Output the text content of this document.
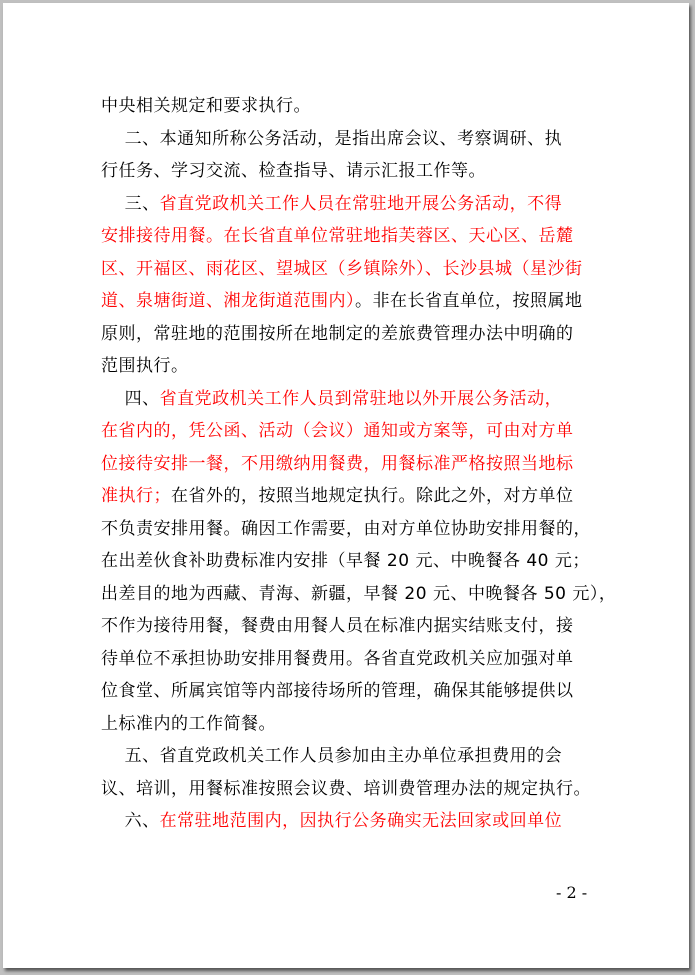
中央相关规定和要求执行。
二、本通知所称公务活动，是指出席会议、考察调研、执
行任务、学习交流、检查指导、请示汇报工作等。
三、省直党政机关工作人员在常驻地开展公务活动，不得
安排接待用餐。在长省直单位常驻地指芙蓉区、天心区、岳麓
区、开福区、雨花区、望城区（乡镇除外）、长沙县城（星沙街
道、泉塘街道、湘龙街道范围内）。非在长省直单位，按照属地
原则，常驻地的范围按所在地制定的差旅费管理办法中明确的
范围执行。
四、省直党政机关工作人员到常驻地以外开展公务活动，
在省内的，凭公函、活动（会议）通知或方案等，可由对方单
位接待安排一餐，不用缴纳用餐费，用餐标准严格按照当地标
准执行；在省外的，按照当地规定执行。除此之外，对方单位
不负责安排用餐。确因工作需要，由对方单位协助安排用餐的，
在出差伙食补助费标准内安排（早餐 20 元、中晚餐各 40 元；
出差目的地为西藏、青海、新疆，早餐 20 元、中晚餐各 50 元），
不作为接待用餐，餐费由用餐人员在标准内据实结账支付，接
待单位不承担协助安排用餐费用。各省直党政机关应加强对单
位食堂、所属宾馆等内部接待场所的管理，确保其能够提供以
上标准内的工作简餐。
五、省直党政机关工作人员参加由主办单位承担费用的会
议、培训，用餐标准按照会议费、培训费管理办法的规定执行。
六、在常驻地范围内，因执行公务确实无法回家或回单位
- 2 -
